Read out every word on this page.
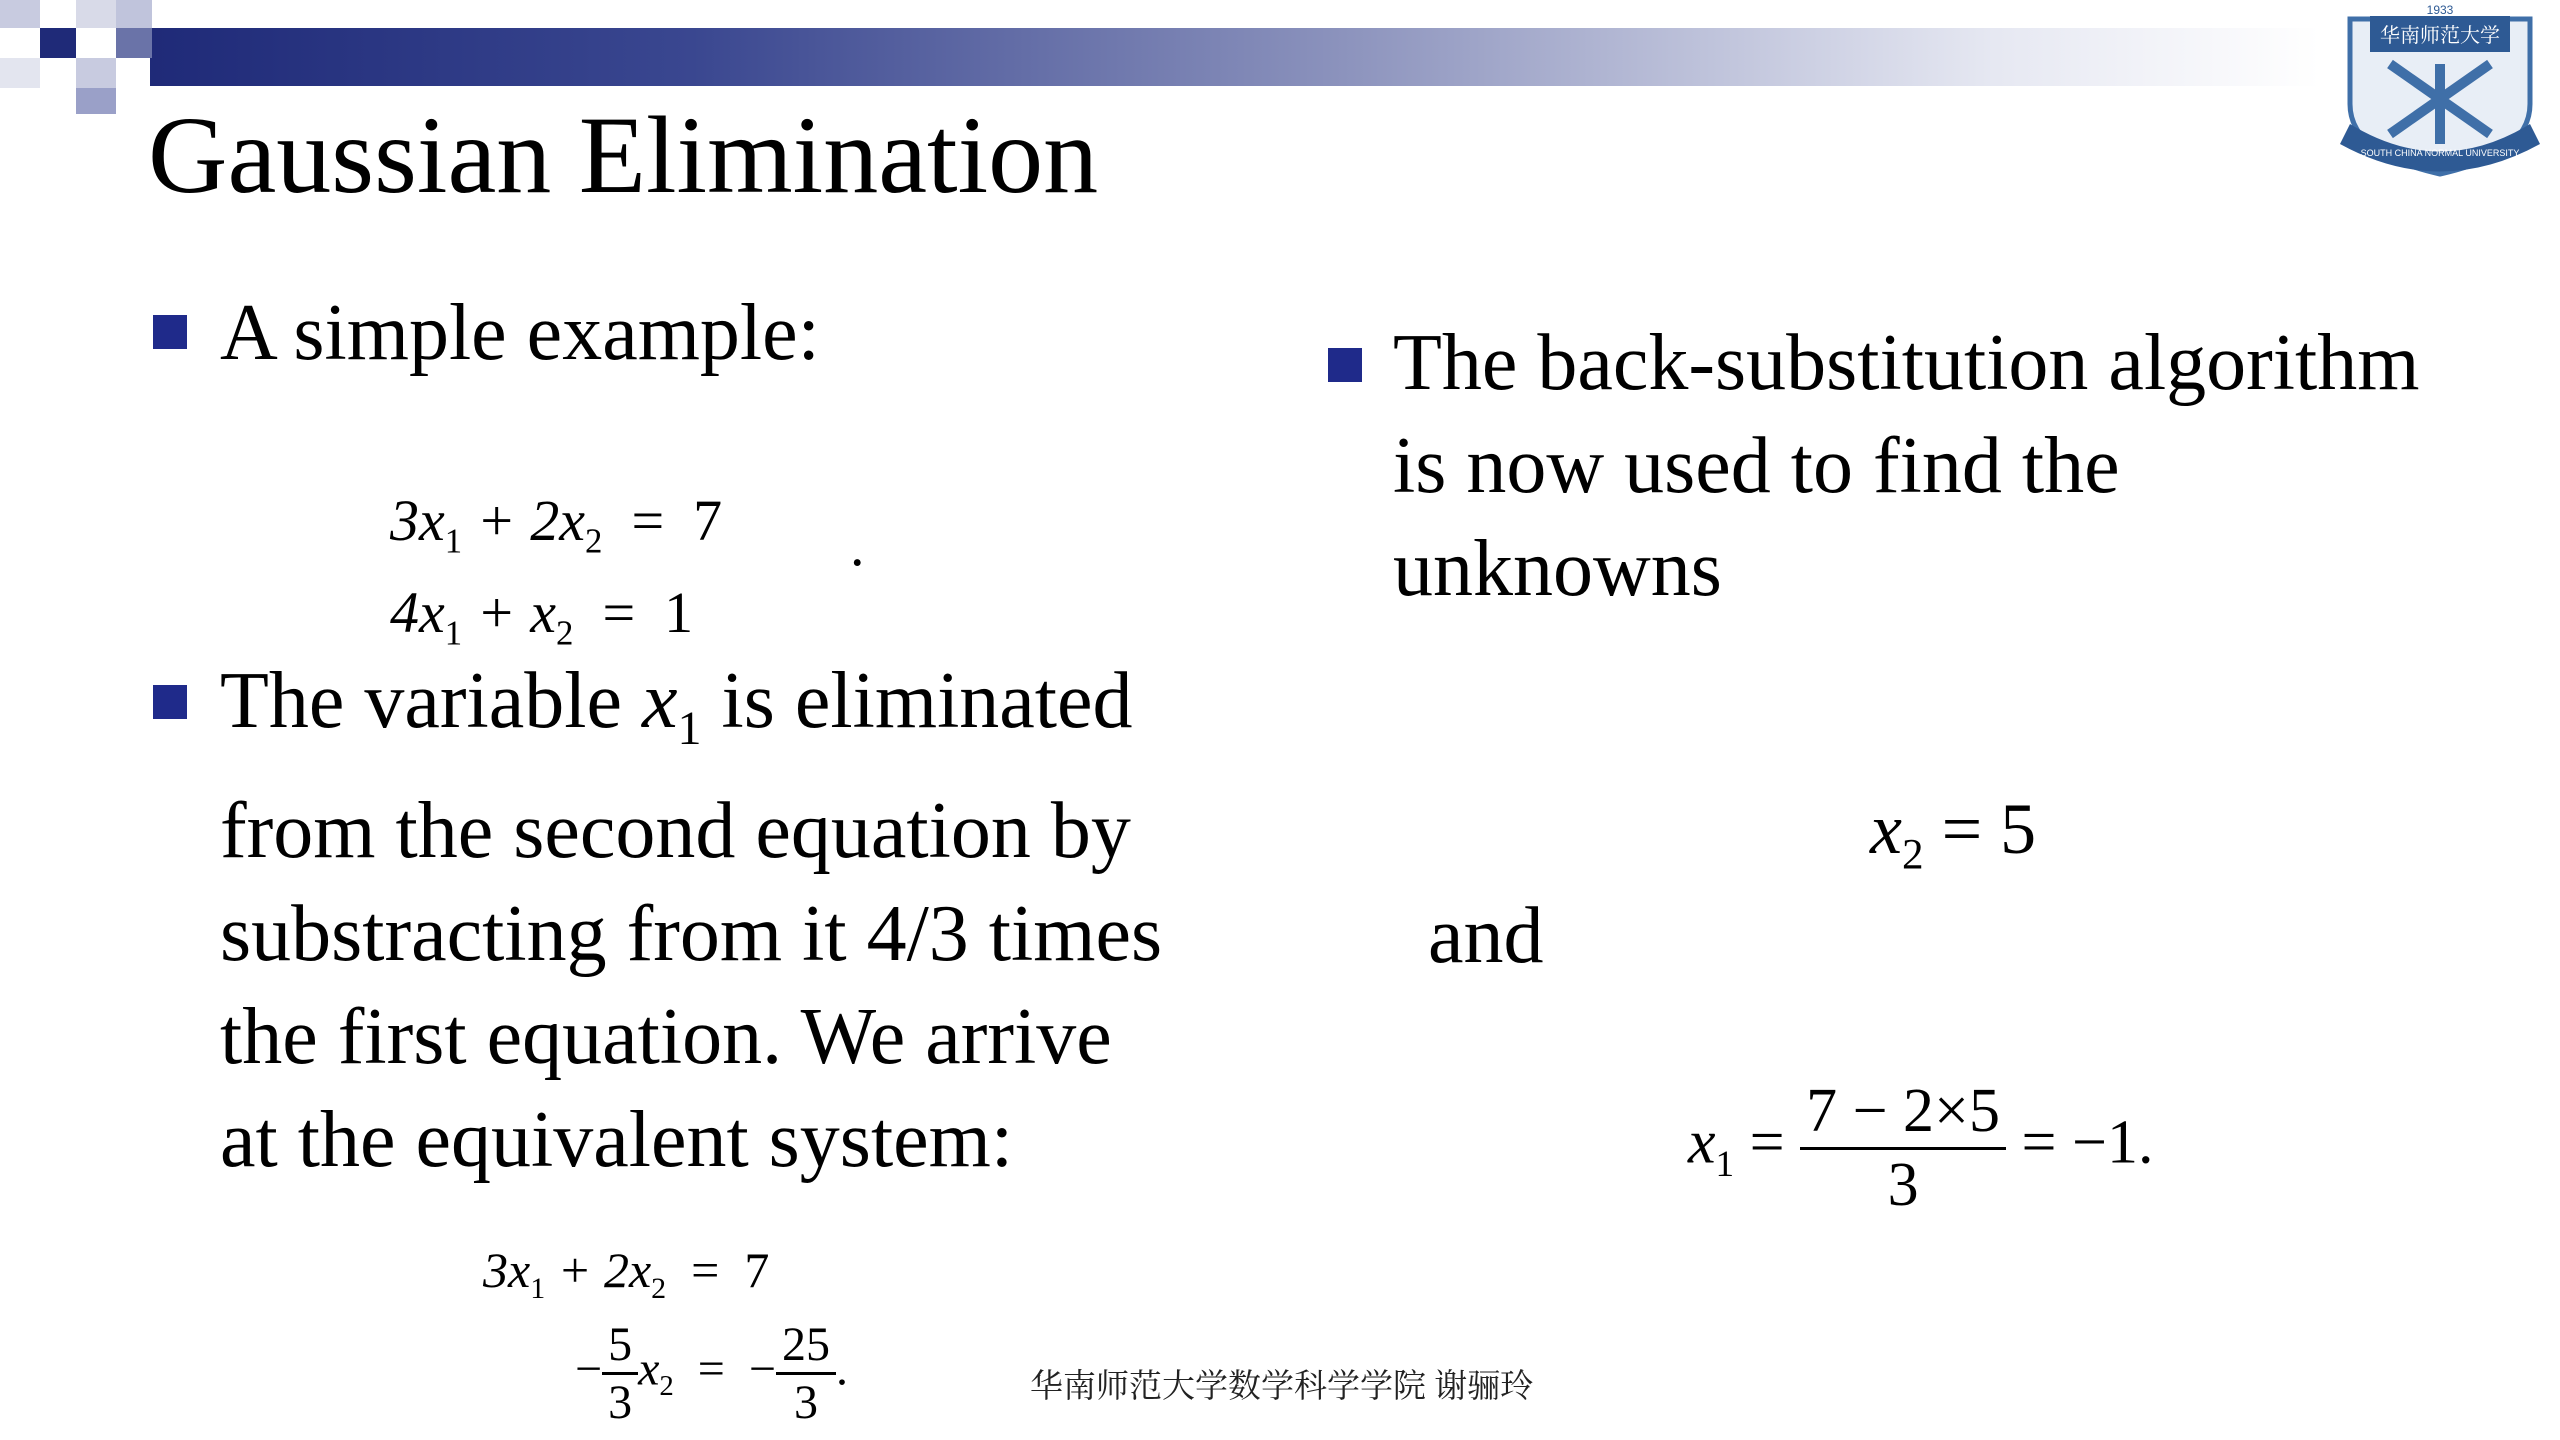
1933
华南师范大学
SOUTH CHINA NORMAL UNIVERSITY
Gaussian Elimination

A simple example:

$3x_1 + 2x_2 = 7$

$4x_1 + x_2 = 1$

.
The variable $x_1$ is eliminated
from the second equation by
substracting from it 4/3 times
the first equation. We arrive
at the equivalent system:

$3x_1 + 2x_2 = 7$

− $\frac{5}{3} x_2$  =  − $\frac{25}{3}$ .

The back-substitution algorithm
is now used to find the
unknowns

$x_2 = 5$

and

$x_1 = \frac{7 - 2\times 5}{3} = -1$.

华南师范大学数学科学学院 谢骊玲
